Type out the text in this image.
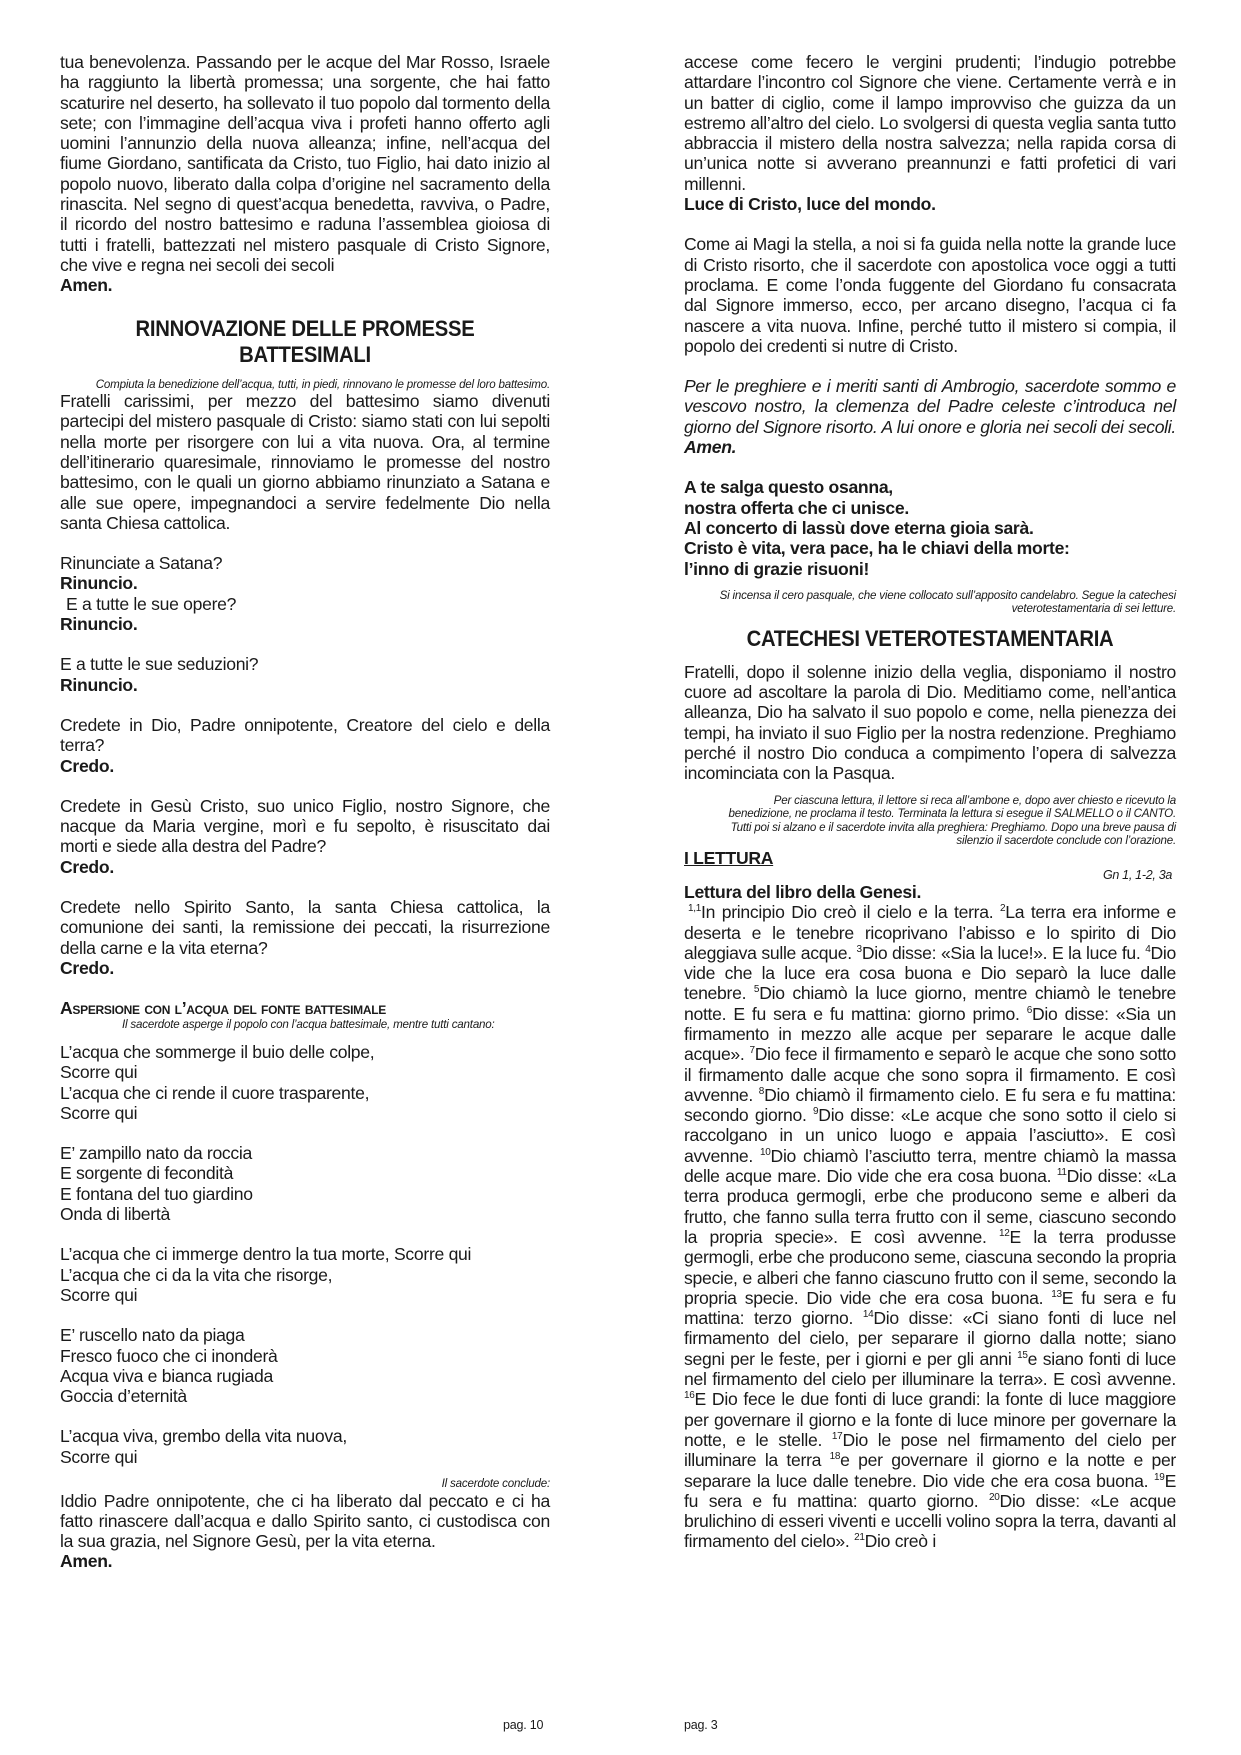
tua benevolenza. Passando per le acque del Mar Rosso, Israele ha raggiunto la libertà promessa; una sorgente, che hai fatto scaturire nel deserto, ha sollevato il tuo popolo dal tormento della sete; con l’immagine dell’acqua viva i profeti hanno offerto agli uomini l’annunzio della nuova alleanza; infine, nell’acqua del fiume Giordano, santificata da Cristo, tuo Figlio, hai dato inizio al popolo nuovo, liberato dalla colpa d’origine nel sacramento della rinascita. Nel segno di quest’acqua benedetta, ravviva, o Padre, il ricordo del nostro battesimo e raduna l’assemblea gioiosa di tutti i fratelli, battezzati nel mistero pasquale di Cristo Signore, che vive e regna nei secoli dei secoli

Amen.
RINNOVAZIONE DELLE PROMESSE BATTESIMALI
Compiuta la benedizione dell’acqua, tutti, in piedi, rinnovano le promesse del loro battesimo.

Fratelli carissimi, per mezzo del battesimo siamo divenuti partecipi del mistero pasquale di Cristo: siamo stati con lui sepolti nella morte per risorgere con lui a vita nuova. Ora, al termine dell’itinerario quaresimale, rinnoviamo le promesse del nostro battesimo, con le quali un giorno abbiamo rinunziato a Satana e alle sue opere, impegnandoci a servire fedelmente Dio nella santa Chiesa cattolica.

Rinunciate a Satana?
Rinuncio.
E a tutte le sue opere?
Rinuncio.
E a tutte le sue seduzioni?
Rinuncio.

Credete in Dio, Padre onnipotente, Creatore del cielo e della terra?

Credo.

Credete in Gesù Cristo, suo unico Figlio, nostro Signore, che nacque da Maria vergine, morì e fu sepolto, è risuscitato dai morti e siede alla destra del Padre?

Credo.

Credete nello Spirito Santo, la santa Chiesa cattolica, la comunione dei santi, la remissione dei peccati, la risurrezione della carne e la vita eterna?

Credo.
Aspersione con l’acqua del fonte battesimale
Il sacerdote asperge il popolo con l’acqua battesimale, mentre tutti cantano:
L’acqua che sommerge il buio delle colpe,
Scorre qui
L’acqua che ci rende il cuore trasparente,
Scorre qui
E’ zampillo nato da roccia
E sorgente di fecondità
E fontana del tuo giardino
Onda di libertà
L’acqua che ci immerge dentro la tua morte, Scorre qui
L’acqua che ci da la vita che risorge,
Scorre qui
E’ ruscello nato da piaga
Fresco fuoco che ci inonderà
Acqua viva e bianca rugiada
Goccia d’eternità
L’acqua viva, grembo della vita nuova,
Scorre qui
Il sacerdote conclude:

Iddio Padre onnipotente, che ci ha liberato dal peccato e ci ha fatto rinascere dall’acqua e dallo Spirito santo, ci custodisca con la sua grazia, nel Signore Gesù, per la vita eterna.

Amen.

accese come fecero le vergini prudenti; l’indugio potrebbe attardare l’incontro col Signore che viene. Certamente verrà e in un batter di ciglio, come il lampo improvviso che guizza da un estremo all’altro del cielo. Lo svolgersi di questa veglia santa tutto abbraccia il mistero della nostra salvezza; nella rapida corsa di un’unica notte si avverano preannunzi e fatti profetici di vari millenni.

Luce di Cristo, luce del mondo.

Come ai Magi la stella, a noi si fa guida nella notte la grande luce di Cristo risorto, che il sacerdote con apostolica voce oggi a tutti proclama. E come l’onda fuggente del Giordano fu consacrata dal Signore immerso, ecco, per arcano disegno, l’acqua ci fa nascere a vita nuova. Infine, perché tutto il mistero si compia, il popolo dei credenti si nutre di Cristo.

Per le preghiere e i meriti santi di Ambrogio, sacerdote sommo e vescovo nostro, la clemenza del Padre celeste c’introduca nel giorno del Signore risorto. A lui onore e gloria nei secoli dei secoli. Amen.

A te salga questo osanna,
nostra offerta che ci unisce.
Al concerto di lassù dove eterna gioia sarà.
Cristo è vita, vera pace, ha le chiavi della morte:
l’inno di grazie risuoni!
Si incensa il cero pasquale, che viene collocato sull’apposito candelabro. Segue la catechesi veterotestamentaria di sei letture.
CATECHESI VETEROTESTAMENTARIA

Fratelli, dopo il solenne inizio della veglia, disponiamo il nostro cuore ad ascoltare la parola di Dio. Meditiamo come, nell’antica alleanza, Dio ha salvato il suo popolo e come, nella pienezza dei tempi, ha inviato il suo Figlio per la nostra redenzione. Preghiamo perché il nostro Dio conduca a compimento l’opera di salvezza incominciata con la Pasqua.

Per ciascuna lettura, il lettore si reca all’ambone e, dopo aver chiesto e ricevuto la benedizione, ne proclama il testo. Terminata la lettura si esegue il SALMELLO o il CANTO. Tutti poi si alzano e il sacerdote invita alla preghiera: Preghiamo. Dopo una breve pausa di silenzio il sacerdote conclude con l’orazione.
I LETTURA
Gn 1, 1-2, 3a
Lettura del libro della Genesi.

$^{1,1}$In principio Dio creò il cielo e la terra. $^2$La terra era informe e deserta e le tenebre ricoprivano l’abisso e lo spirito di Dio aleggiava sulle acque. $^3$Dio disse: «Sia la luce!». E la luce fu. $^4$Dio vide che la luce era cosa buona e Dio separò la luce dalle tenebre. $^5$Dio chiamò la luce giorno, mentre chiamò le tenebre notte. E fu sera e fu mattina: giorno primo. $^6$Dio disse: «Sia un firmamento in mezzo alle acque per separare le acque dalle acque». $^7$Dio fece il firmamento e separò le acque che sono sotto il firmamento dalle acque che sono sopra il firmamento. E così avvenne. $^8$Dio chiamò il firmamento cielo. E fu sera e fu mattina: secondo giorno. $^9$Dio disse: «Le acque che sono sotto il cielo si raccolgano in un unico luogo e appaia l’asciutto». E così avvenne. $^{10}$Dio chiamò l’asciutto terra, mentre chiamò la massa delle acque mare. Dio vide che era cosa buona. $^{11}$Dio disse: «La terra produca germogli, erbe che producono seme e alberi da frutto, che fanno sulla terra frutto con il seme, ciascuno secondo la propria specie». E così avvenne. $^{12}$E la terra produsse germogli, erbe che producono seme, ciascuna secondo la propria specie, e alberi che fanno ciascuno frutto con il seme, secondo la propria specie. Dio vide che era cosa buona. $^{13}$E fu sera e fu mattina: terzo giorno. $^{14}$Dio disse: «Ci siano fonti di luce nel firmamento del cielo, per separare il giorno dalla notte; siano segni per le feste, per i giorni e per gli anni $^{15}$e siano fonti di luce nel firmamento del cielo per illuminare la terra». E così avvenne. $^{16}$E Dio fece le due fonti di luce grandi: la fonte di luce maggiore per governare il giorno e la fonte di luce minore per governare la notte, e le stelle. $^{17}$Dio le pose nel firmamento del cielo per illuminare la terra $^{18}$e per governare il giorno e la notte e per separare la luce dalle tenebre. Dio vide che era cosa buona. $^{19}$E fu sera e fu mattina: quarto giorno. $^{20}$Dio disse: «Le acque brulichino di esseri viventi e uccelli volino sopra la terra, davanti al firmamento del cielo». $^{21}$Dio creò i

pag. 10	pag. 3
